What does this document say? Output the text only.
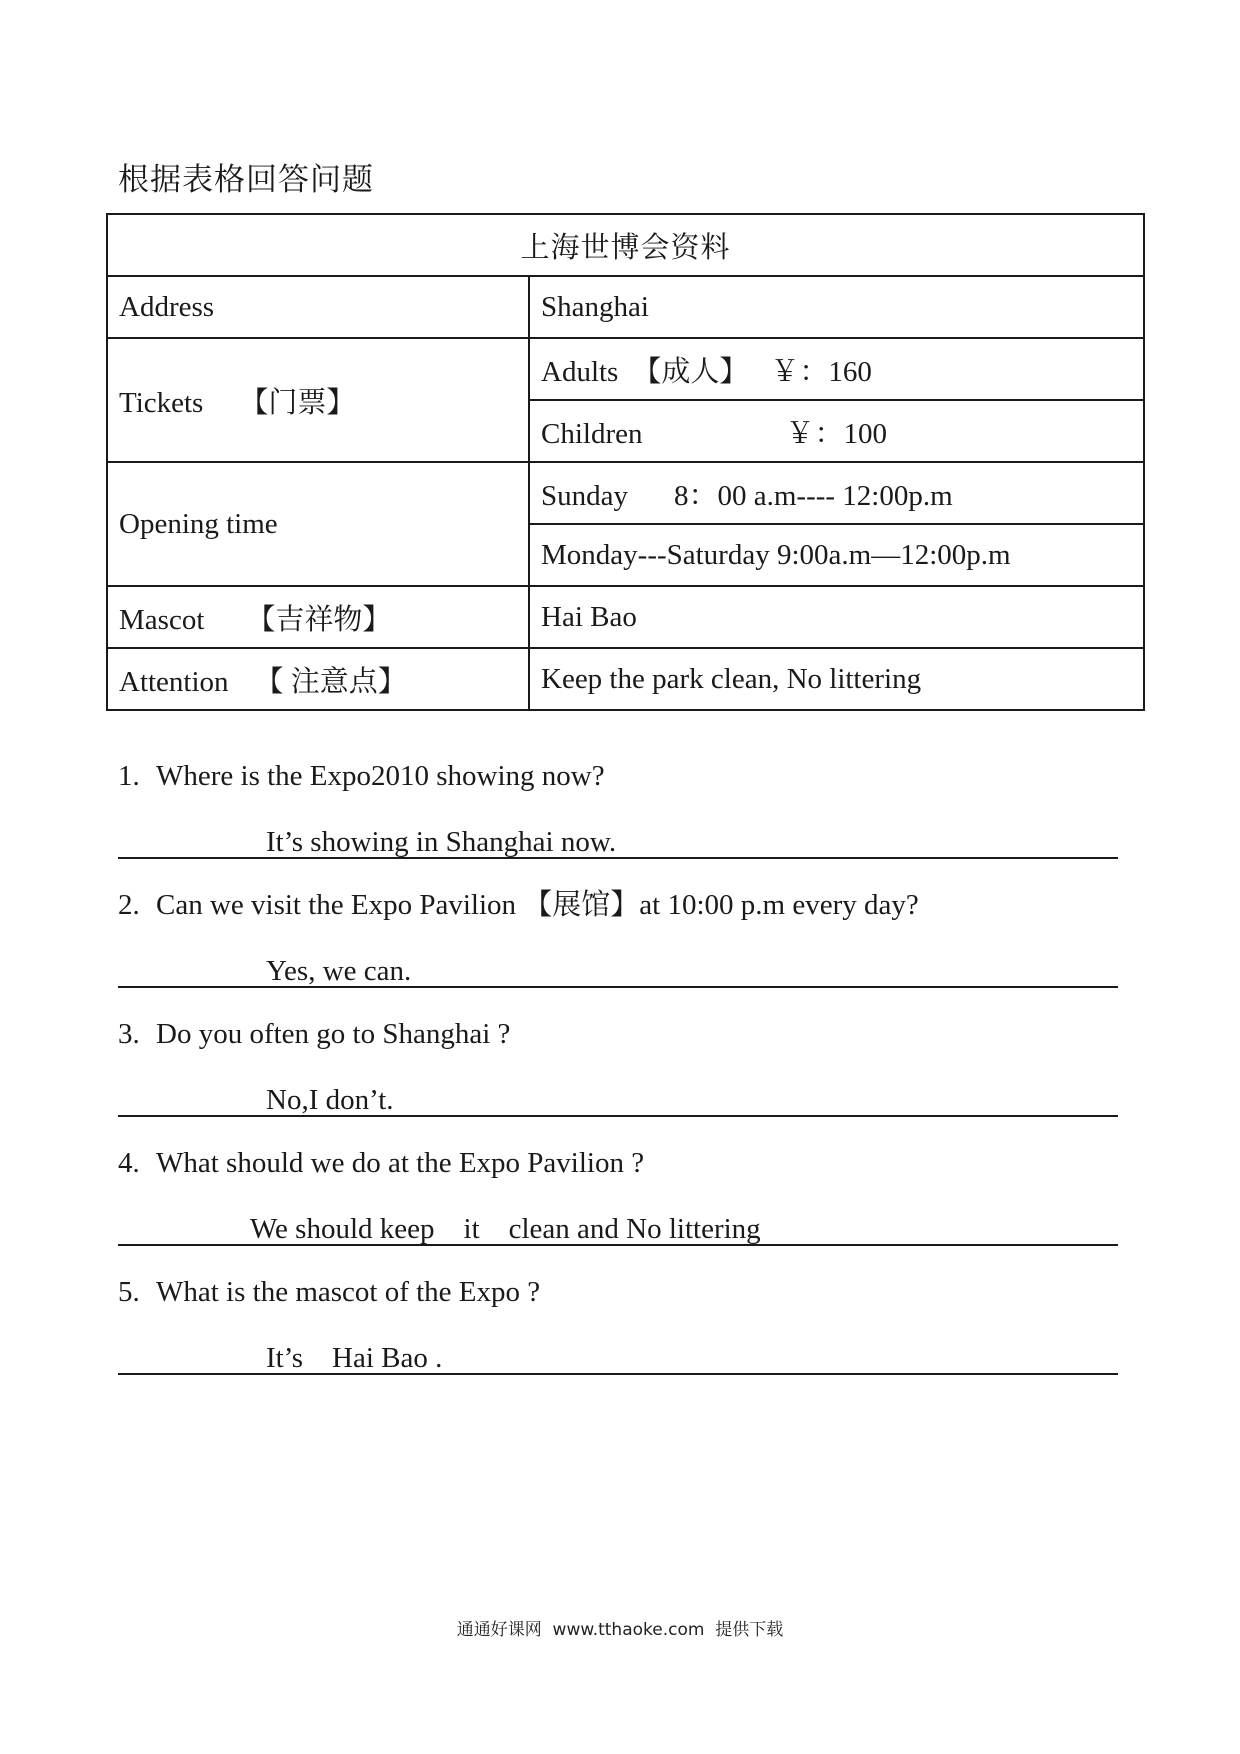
根据表格回答问题
上海世博会资料	
Address	Shanghai
Tickets 【门票】	Adults 【成人】 ￥：160
	Children ￥：100
Opening time	Sunday 8：00 a.m---- 12:00p.m
	Monday---Saturday 9:00a.m—12:00p.m
Mascot 【吉祥物】	Hai Bao
Attention 【 注意点】	Keep the park clean, No littering
1. Where is the Expo2010 showing now?
It’s showing in Shanghai now.
2. Can we visit the Expo Pavilion 【展馆】at 10:00 p.m every day?
Yes, we can.
3. Do you often go to Shanghai ?
No,I don’t.
4. What should we do at the Expo Pavilion ?
We should keep    it    clean and No littering
5. What is the mascot of the Expo ?
It’s    Hai Bao .
通通好课网  www.tthaoke.com  提供下载
